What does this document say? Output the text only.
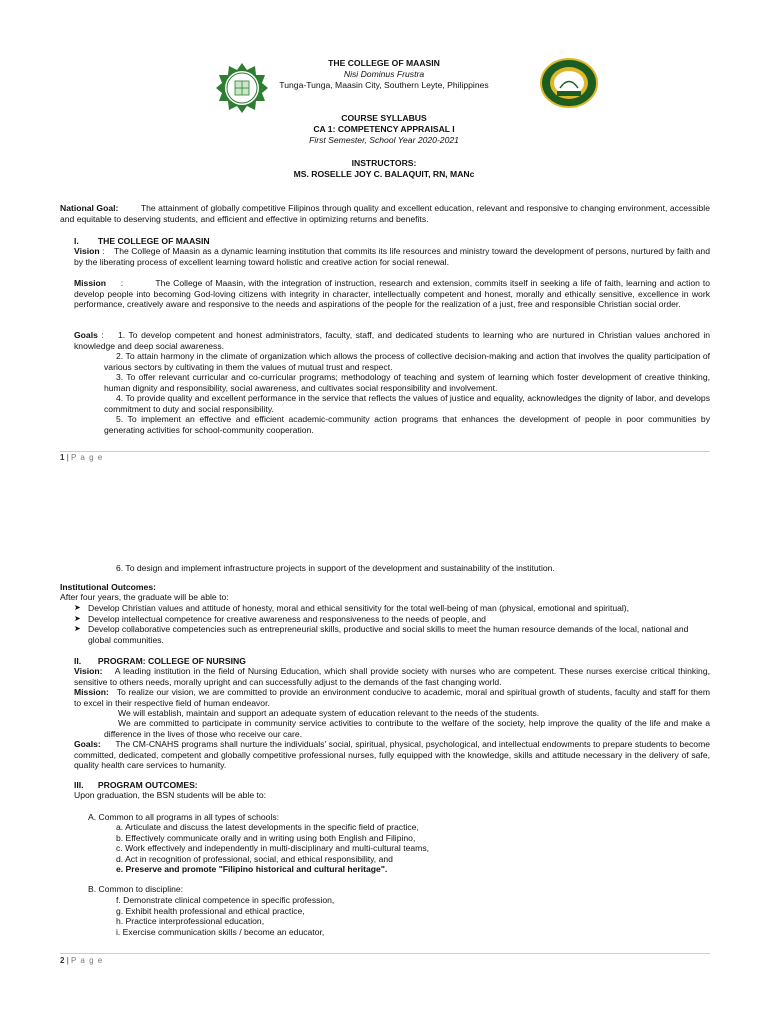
THE COLLEGE OF MAASIN
Nisi Dominus Frustra
Tunga-Tunga, Maasin City, Southern Leyte, Philippines
COURSE SYLLABUS
CA 1: COMPETENCY APPRAISAL I
First Semester, School Year 2020-2021
INSTRUCTORS:
MS. ROSELLE JOY C. BALAQUIT, RN, MANc
National Goal:	The attainment of globally competitive Filipinos through quality and excellent education, relevant and responsive to changing environment, accessible and equitable to deserving students, and efficient and effective in optimizing returns and benefits.
I. THE COLLEGE OF MAASIN
Vision :    The College of Maasin as a dynamic learning institution that commits its life resources and ministry toward the development of persons, nurtured by faith and by the liberating process of excellent learning toward holistic and creative action for social renewal.
Mission     :           The College of Maasin, with the integration of instruction, research and extension, commits itself in seeking a life of faith, learning and action to develop people into becoming God-loving citizens with integrity in character, intellectually competent and honest, morally and ethically sensitive, excellence in work performance, creatively aware and responsive to the needs and aspirations of the people for the realization of a just, free and responsible Christian social order.
Goals :    1. To develop competent and honest administrators, faculty, staff, and dedicated students to learning who are nurtured in Christian values anchored in knowledge and deep social awareness.
2. To attain harmony in the climate of organization which allows the process of collective decision-making and action that involves the quality participation of various sectors by cultivating in them the values of mutual trust and respect.
3. To offer relevant curricular and co-curricular programs; methodology of teaching and system of learning which foster development of creative thinking, human dignity and responsibility, social awareness, and cultivates social responsibility and involvement.
4. To provide quality and excellent performance in the service that reflects the values of justice and equality, acknowledges the dignity of labor, and develops commitment to duty and social responsibility.
5. To implement an effective and efficient academic-community action programs that enhances the development of people in poor communities by generating activities for school-community cooperation.
1 | P a g e
6. To design and implement infrastructure projects in support of the development and sustainability of the institution.
Institutional Outcomes:
After four years, the graduate will be able to:
➤ Develop Christian values and attitude of honesty, moral and ethical sensitivity for the total well-being of man (physical, emotional and spiritual),
➤ Develop intellectual competence for creative awareness and responsiveness to the needs of people, and
➤ Develop collaborative competencies such as entrepreneurial skills, productive and social skills to meet the human resource demands of the local, national and global communities.
II. PROGRAM: COLLEGE OF NURSING
Vision: A leading institution in the field of Nursing Education, which shall provide society with nurses who are competent. These nurses exercise critical thinking, sensitive to others needs, morally upright and can successfully adjust to the demands of the fast changing world.
Mission: To realize our vision, we are committed to provide an environment conducive to academic, moral and spiritual growth of students, faculty and staff for them to excel in their respective field of human endeavor.
We will establish, maintain and support an adequate system of education relevant to the needs of the students.
We are committed to participate in community service activities to contribute to the welfare of the society, help improve the quality of the life and make a difference in the lives of those who receive our care.
Goals: The CM-CNAHS programs shall nurture the individuals' social, spiritual, physical, psychological, and intellectual endowments to prepare students to become committed, dedicated, competent and globally competitive professional nurses, fully equipped with the knowledge, skills and attitude necessary in the delivery of safe, quality health care services to humanity.
III. PROGRAM OUTCOMES:
Upon graduation, the BSN students will be able to:
A. Common to all programs in all types of schools:
a. Articulate and discuss the latest developments in the specific field of practice,
b. Effectively communicate orally and in writing using both English and Filipino,
c. Work effectively and independently in multi-disciplinary and multi-cultural teams,
d. Act in recognition of professional, social, and ethical responsibility, and
e. Preserve and promote "Filipino historical and cultural heritage".
B. Common to discipline:
f. Demonstrate clinical competence in specific profession,
g. Exhibit health professional and ethical practice,
h. Practice interprofessional education,
i. Exercise communication skills / become an educator,
2 | P a g e
